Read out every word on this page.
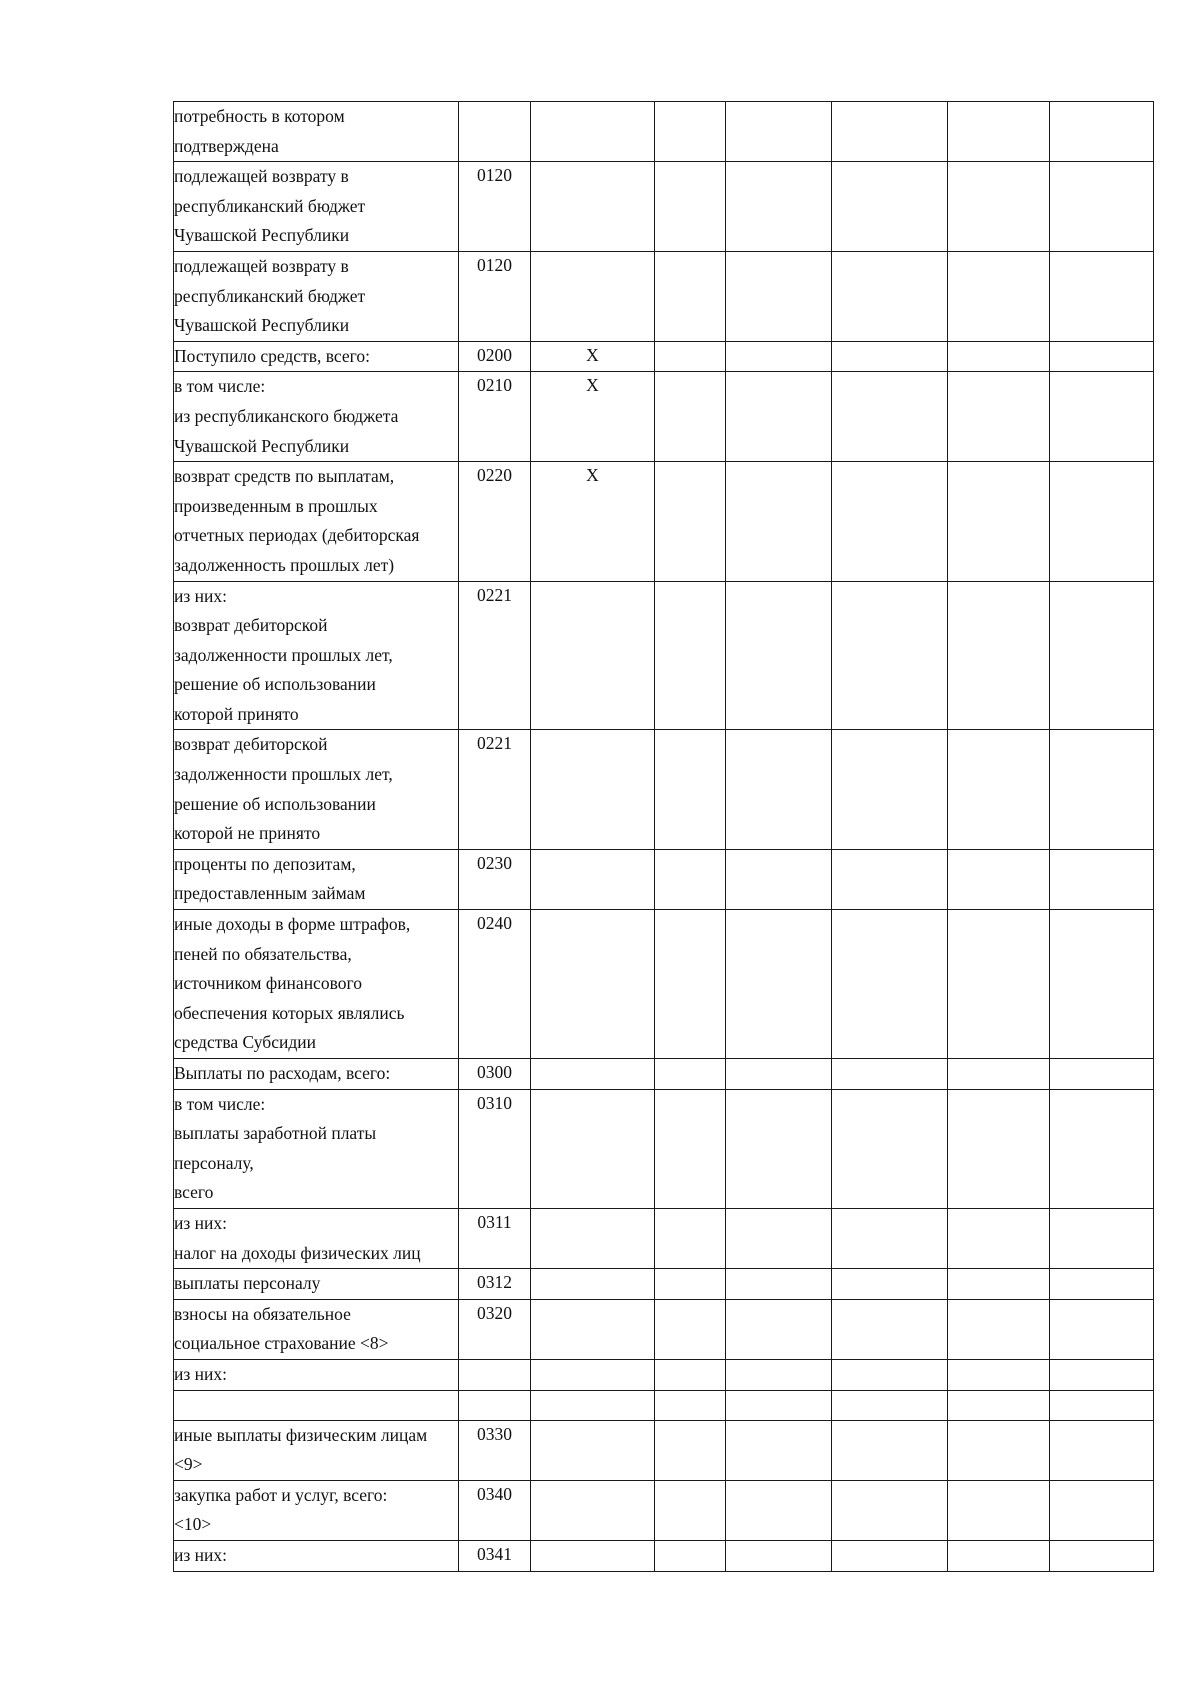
потребность в котором
подтверждена							

подлежащей возврату в
республиканский бюджет
Чувашской Республики	0120						

подлежащей возврату в
республиканский бюджет
Чувашской Республики	0120						

Поступило средств, всего:	0200	X					

в том числе:
из республиканского бюджета
Чувашской Республики	0210	X					

возврат средств по выплатам,
произведенным в прошлых
отчетных периодах (дебиторская
задолженность прошлых лет)	0220	X					

из них:
возврат дебиторской
задолженности прошлых лет,
решение об использовании
которой принято	0221						

возврат дебиторской
задолженности прошлых лет,
решение об использовании
которой не принято	0221						

проценты по депозитам,
предоставленным займам	0230						

иные доходы в форме штрафов,
пеней по обязательства,
источником финансового
обеспечения которых являлись
средства Субсидии	0240						

Выплаты по расходам, всего:	0300						

в том числе:
выплаты заработной платы
персоналу,
всего	0310						

из них:
налог на доходы физических лиц	0311						

выплаты персоналу	0312						

взносы на обязательное
социальное страхование <8>	0320						

из них:							

иные выплаты физическим лицам
<9>	0330						

закупка работ и услуг, всего:
<10>	0340						

из них:	0341						
